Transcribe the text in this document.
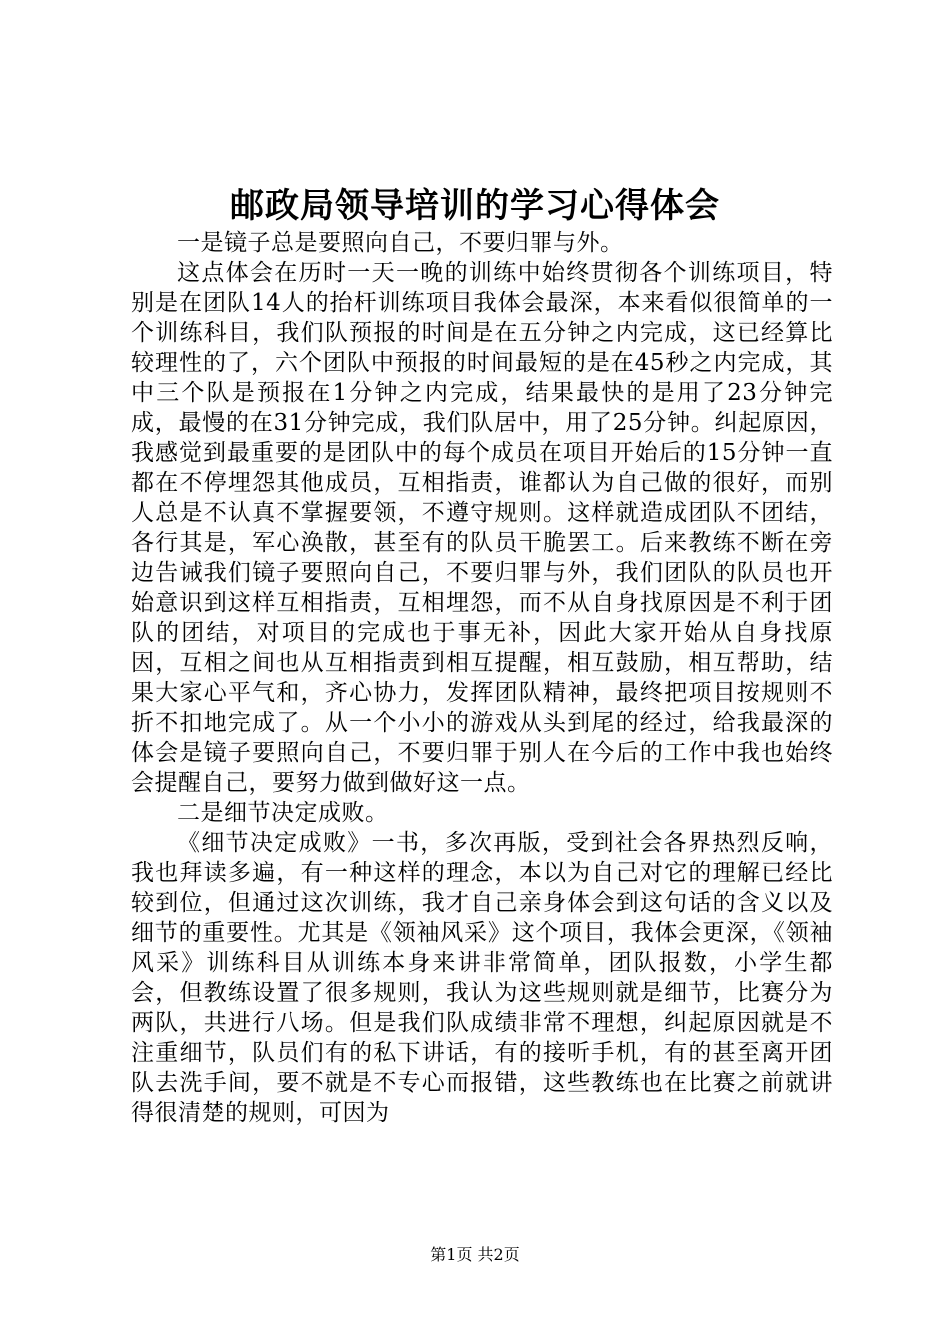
邮政局领导培训的学习心得体会

一是镜子总是要照向自己，不要归罪与外。

这点体会在历时一天一晚的训练中始终贯彻各个训练项目，特别是在团队14人的抬杆训练项目我体会最深，本来看似很简单的一个训练科目，我们队预报的时间是在五分钟之内完成，这已经算比较理性的了，六个团队中预报的时间最短的是在45秒之内完成，其中三个队是预报在1分钟之内完成，结果最快的是用了23分钟完成，最慢的在31分钟完成，我们队居中，用了25分钟。纠起原因，我感觉到最重要的是团队中的每个成员在项目开始后的15分钟一直都在不停埋怨其他成员，互相指责，谁都认为自己做的很好，而别人总是不认真不掌握要领，不遵守规则。这样就造成团队不团结，各行其是，军心涣散，甚至有的队员干脆罢工。后来教练不断在旁边告诫我们镜子要照向自己，不要归罪与外，我们团队的队员也开始意识到这样互相指责，互相埋怨，而不从自身找原因是不利于团队的团结，对项目的完成也于事无补，因此大家开始从自身找原因，互相之间也从互相指责到相互提醒，相互鼓励，相互帮助，结果大家心平气和，齐心协力，发挥团队精神，最终把项目按规则不折不扣地完成了。从一个小小的游戏从头到尾的经过，给我最深的体会是镜子要照向自己，不要归罪于别人在今后的工作中我也始终会提醒自己，要努力做到做好这一点。

二是细节决定成败。

《细节决定成败》一书，多次再版，受到社会各界热烈反响，我也拜读多遍，有一种这样的理念，本以为自己对它的理解已经比较到位，但通过这次训练，我才自己亲身体会到这句话的含义以及细节的重要性。尤其是《领袖风采》这个项目，我体会更深，《领袖风采》训练科目从训练本身来讲非常简单，团队报数，小学生都会，但教练设置了很多规则，我认为这些规则就是细节，比赛分为两队，共进行八场。但是我们队成绩非常不理想，纠起原因就是不注重细节，队员们有的私下讲话，有的接听手机，有的甚至离开团队去洗手间，要不就是不专心而报错，这些教练也在比赛之前就讲得很清楚的规则，可因为

第1页 共2页
